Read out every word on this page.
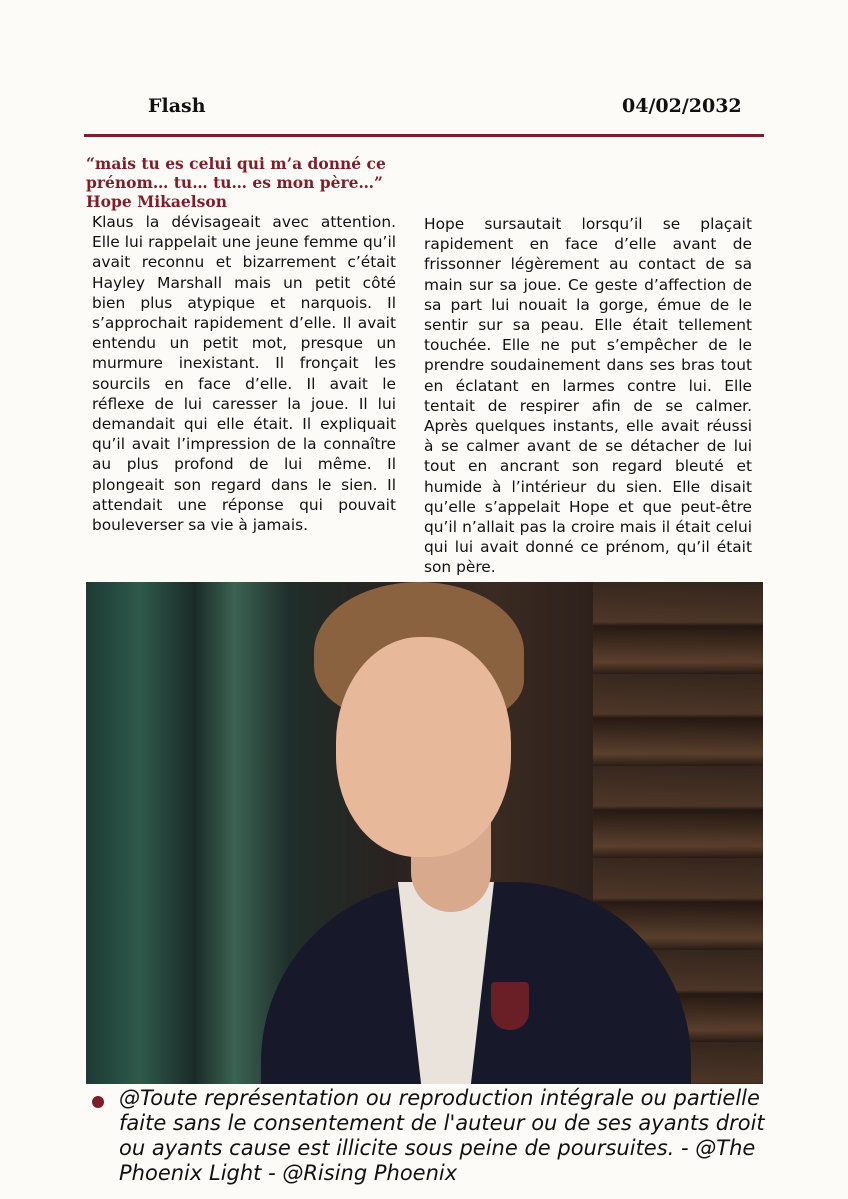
Flash	04/02/2032
“mais tu es celui qui m’a donné ce prénom… tu… tu… es mon père…”
Hope Mikaelson
Klaus la dévisageait avec attention. Elle lui rappelait une jeune femme qu’il avait reconnu et bizarrement c’était Hayley Marshall mais un petit côté bien plus atypique et narquois. Il s’approchait rapidement d’elle. Il avait entendu un petit mot, presque un murmure inexistant. Il fronçait les sourcils en face d’elle. Il avait le réflexe de lui caresser la joue. Il lui demandait qui elle était. Il expliquait qu’il avait l’impression de la connaître au plus profond de lui même. Il plongeait son regard dans le sien. Il attendait une réponse qui pouvait bouleverser sa vie à jamais.
Hope sursautait lorsqu’il se plaçait rapidement en face d’elle avant de frissonner légèrement au contact de sa main sur sa joue. Ce geste d’affection de sa part lui nouait la gorge, émue de le sentir sur sa peau. Elle était tellement touchée. Elle ne put s’empêcher de le prendre soudainement dans ses bras tout en éclatant en larmes contre lui. Elle tentait de respirer afin de se calmer. Après quelques instants, elle avait réussi à se calmer avant de se détacher de lui tout en ancrant son regard bleuté et humide à l’intérieur du sien. Elle disait qu’elle s’appelait Hope et que peut-être qu’il n’allait pas la croire mais il était celui qui lui avait donné ce prénom, qu’il était son père.
@Toute représentation ou reproduction intégrale ou partielle faite sans le consentement de l'auteur ou de ses ayants droit ou ayants cause est illicite sous peine de poursuites. - @The Phoenix Light - @Rising Phoenix
